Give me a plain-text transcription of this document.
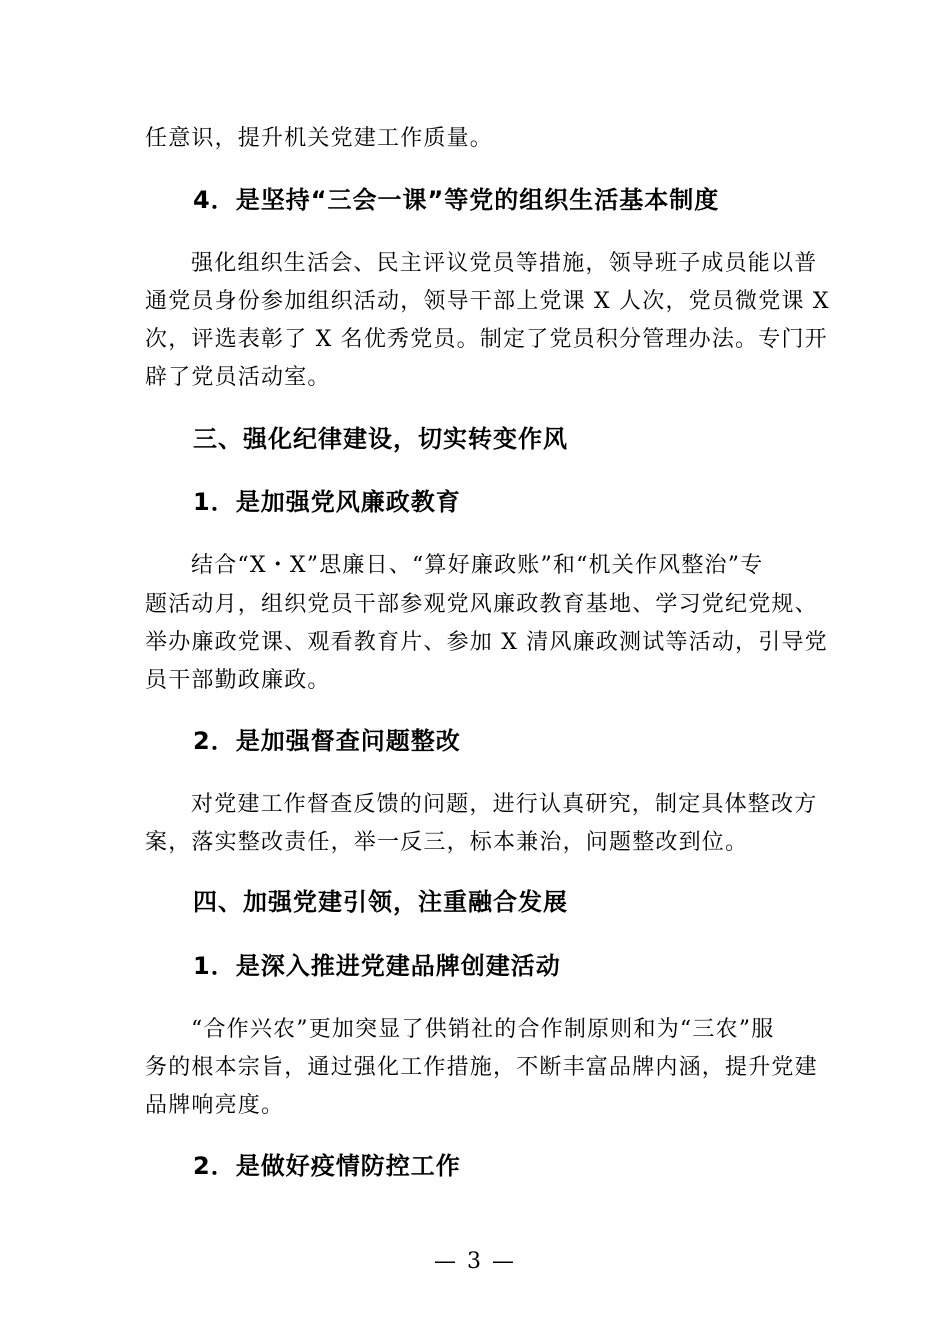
任意识，提升机关党建工作质量。
4．是坚持“三会一课”等党的组织生活基本制度
强化组织生活会、民主评议党员等措施，领导班子成员能以普
通党员身份参加组织活动，领导干部上党课 X 人次，党员微党课 X
次，评选表彰了 X 名优秀党员。制定了党员积分管理办法。专门开
辟了党员活动室。
三、强化纪律建设，切实转变作风
1．是加强党风廉政教育
结合“X・X”思廉日、“算好廉政账”和“机关作风整治”专
题活动月，组织党员干部参观党风廉政教育基地、学习党纪党规、
举办廉政党课、观看教育片、参加 X 清风廉政测试等活动，引导党
员干部勤政廉政。
2．是加强督查问题整改
对党建工作督查反馈的问题，进行认真研究，制定具体整改方
案，落实整改责任，举一反三，标本兼治，问题整改到位。
四、加强党建引领，注重融合发展
1．是深入推进党建品牌创建活动
“合作兴农”更加突显了供销社的合作制原则和为“三农”服
务的根本宗旨，通过强化工作措施，不断丰富品牌内涵，提升党建
品牌响亮度。
2．是做好疫情防控工作
— 3 —
